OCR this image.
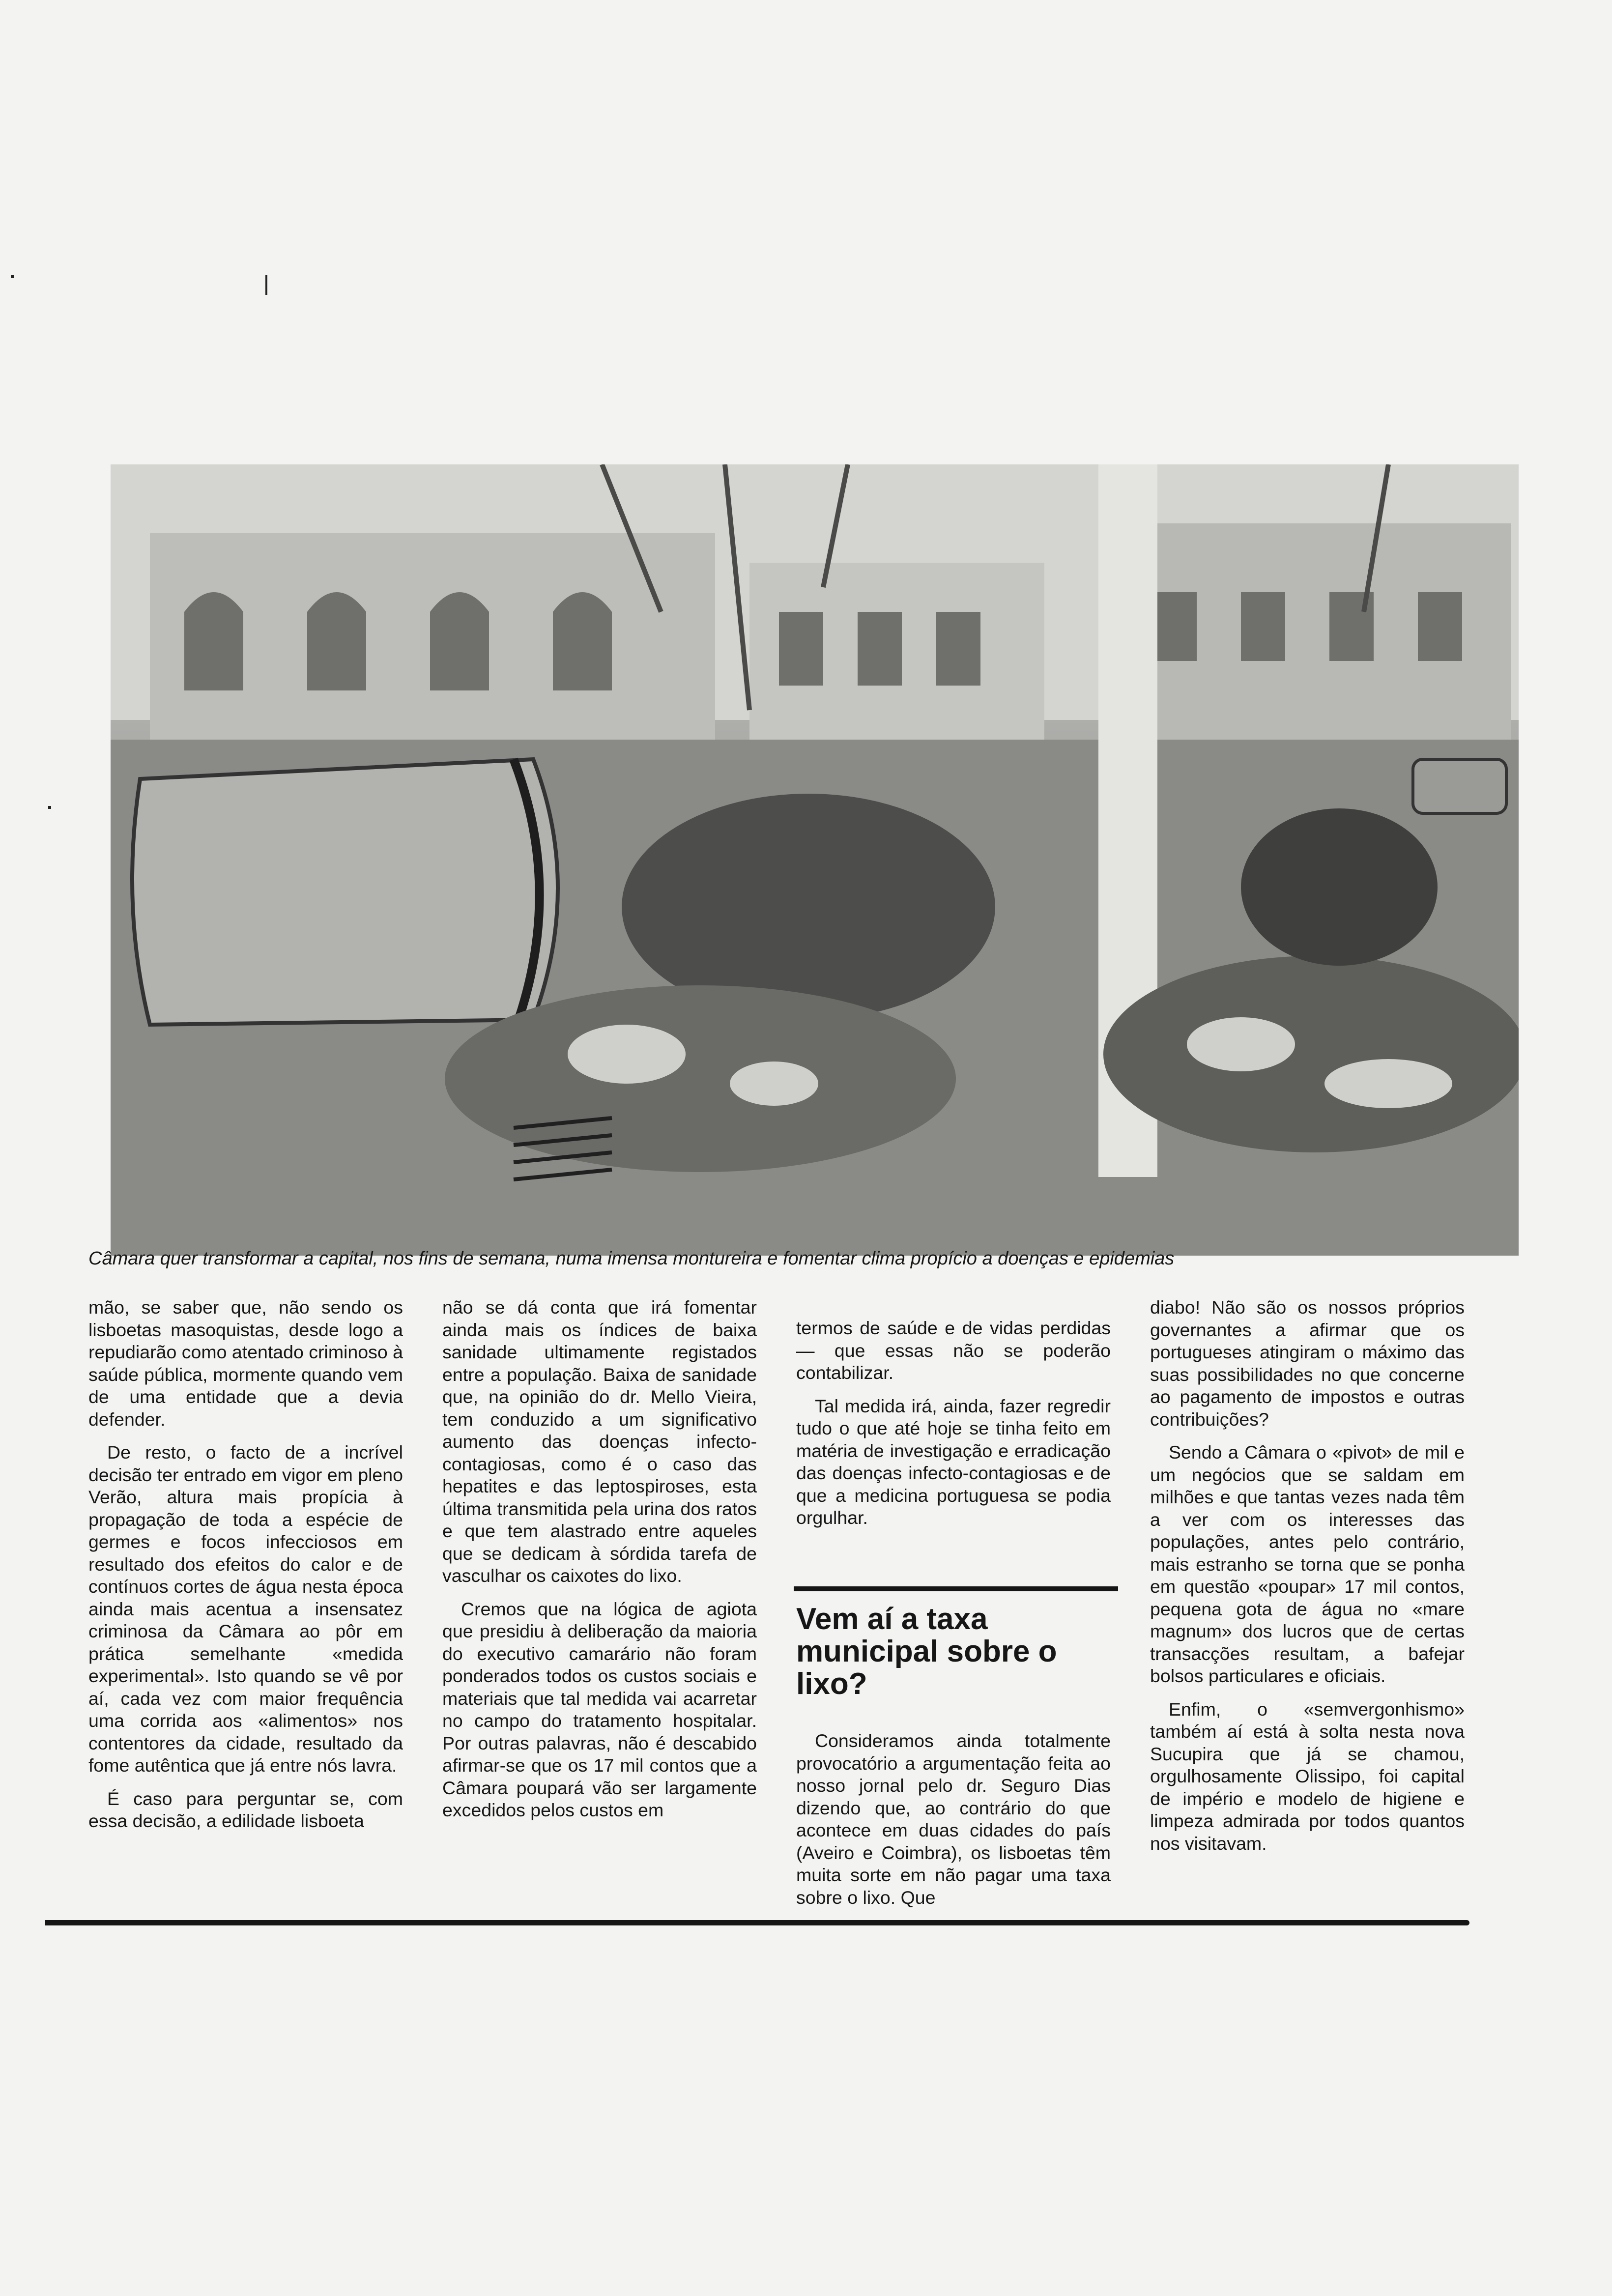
Câmara quer transformar a capital, nos fins de semana, numa imensa montureira e fomentar clima propício a doenças e epidemias

mão, se saber que, não sendo os lisboetas masoquistas, desde logo a repudiarão como atentado criminoso à saúde pública, mormente quando vem de uma entidade que a devia defender.

De resto, o facto de a incrível decisão ter entrado em vigor em pleno Verão, altura mais propícia à propagação de toda a espécie de germes e focos infecciosos em resultado dos efeitos do calor e de contínuos cortes de água nesta época ainda mais acentua a insensatez criminosa da Câmara ao pôr em prática semelhante «medida experimental». Isto quando se vê por aí, cada vez com maior frequência uma corrida aos «alimentos» nos contentores da cidade, resultado da fome autêntica que já entre nós lavra.

É caso para perguntar se, com essa decisão, a edilidade lisboeta

não se dá conta que irá fomentar ainda mais os índices de baixa sanidade ultimamente registados entre a população. Baixa de sanidade que, na opinião do dr. Mello Vieira, tem conduzido a um significativo aumento das doenças infecto-contagiosas, como é o caso das hepatites e das leptospiroses, esta última transmitida pela urina dos ratos e que tem alastrado entre aqueles que se dedicam à sórdida tarefa de vasculhar os caixotes do lixo.

Cremos que na lógica de agiota que presidiu à deliberação da maioria do executivo camarário não foram ponderados todos os custos sociais e materiais que tal medida vai acarretar no campo do tratamento hospitalar. Por outras palavras, não é descabido afirmar-se que os 17 mil contos que a Câmara poupará vão ser largamente excedidos pelos custos em

termos de saúde e de vidas perdidas — que essas não se poderão contabilizar.

Tal medida irá, ainda, fazer regredir tudo o que até hoje se tinha feito em matéria de investigação e erradicação das doenças infecto-contagiosas e de que a medicina portuguesa se podia orgulhar.

Vem aí a taxa municipal sobre o lixo?

Consideramos ainda totalmente provocatório a argumentação feita ao nosso jornal pelo dr. Seguro Dias dizendo que, ao contrário do que acontece em duas cidades do país (Aveiro e Coimbra), os lisboetas têm muita sorte em não pagar uma taxa sobre o lixo. Que

diabo! Não são os nossos próprios governantes a afirmar que os portugueses atingiram o máximo das suas possibilidades no que concerne ao pagamento de impostos e outras contribuições?

Sendo a Câmara o «pivot» de mil e um negócios que se saldam em milhões e que tantas vezes nada têm a ver com os interesses das populações, antes pelo contrário, mais estranho se torna que se ponha em questão «poupar» 17 mil contos, pequena gota de água no «mare magnum» dos lucros que de certas transacções resultam, a bafejar bolsos particulares e oficiais.

Enfim, o «semvergonhismo» também aí está à solta nesta nova Sucupira que já se chamou, orgulhosamente Olissipo, foi capital de império e modelo de higiene e limpeza admirada por todos quantos nos visitavam.
